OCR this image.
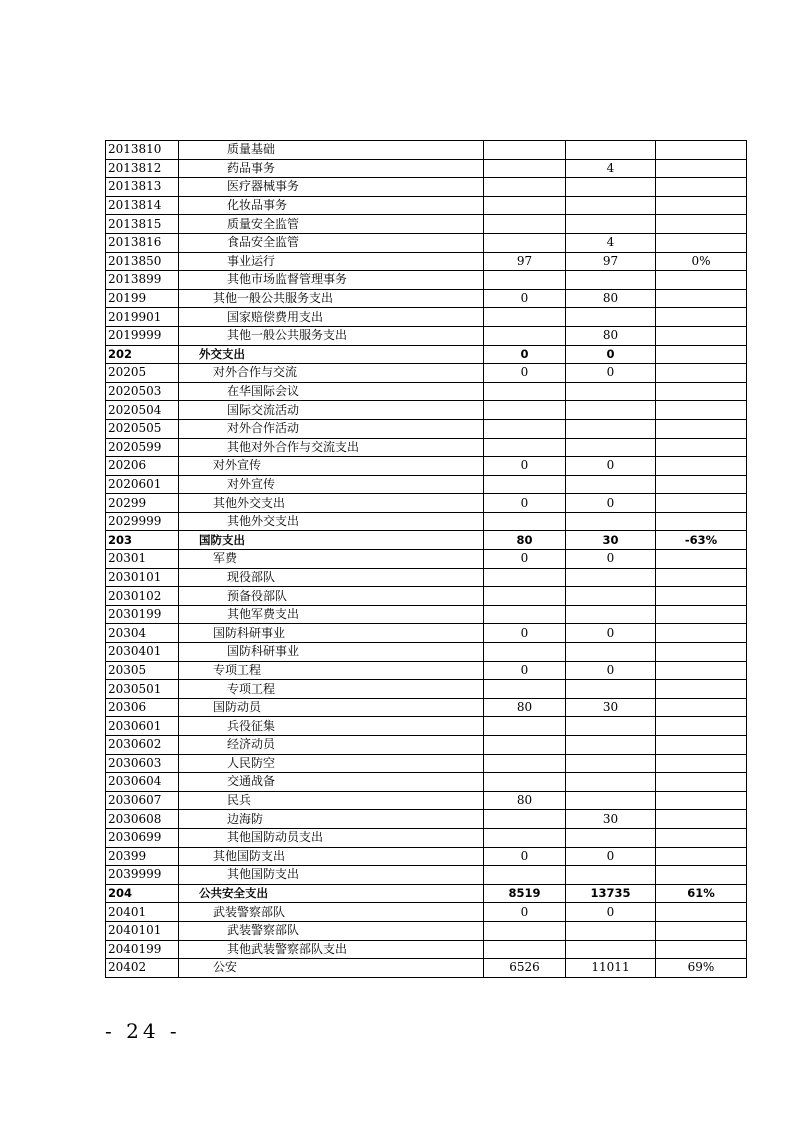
2013810	质量基础			
2013812	药品事务		4	
2013813	医疗器械事务			
2013814	化妆品事务			
2013815	质量安全监管			
2013816	食品安全监管		4	
2013850	事业运行	97	97	0%
2013899	其他市场监督管理事务			
20199	其他一般公共服务支出	0	80	
2019901	国家赔偿费用支出			
2019999	其他一般公共服务支出		80	
202	外交支出	0	0	
20205	对外合作与交流	0	0	
2020503	在华国际会议			
2020504	国际交流活动			
2020505	对外合作活动			
2020599	其他对外合作与交流支出			
20206	对外宣传	0	0	
2020601	对外宣传			
20299	其他外交支出	0	0	
2029999	其他外交支出			
203	国防支出	80	30	-63%
20301	军费	0	0	
2030101	现役部队			
2030102	预备役部队			
2030199	其他军费支出			
20304	国防科研事业	0	0	
2030401	国防科研事业			
20305	专项工程	0	0	
2030501	专项工程			
20306	国防动员	80	30	
2030601	兵役征集			
2030602	经济动员			
2030603	人民防空			
2030604	交通战备			
2030607	民兵	80		
2030608	边海防		30	
2030699	其他国防动员支出			
20399	其他国防支出	0	0	
2039999	其他国防支出			
204	公共安全支出	8519	13735	61%
20401	武装警察部队	0	0	
2040101	武装警察部队			
2040199	其他武装警察部队支出			
20402	公安	6526	11011	69%
- 24 -
